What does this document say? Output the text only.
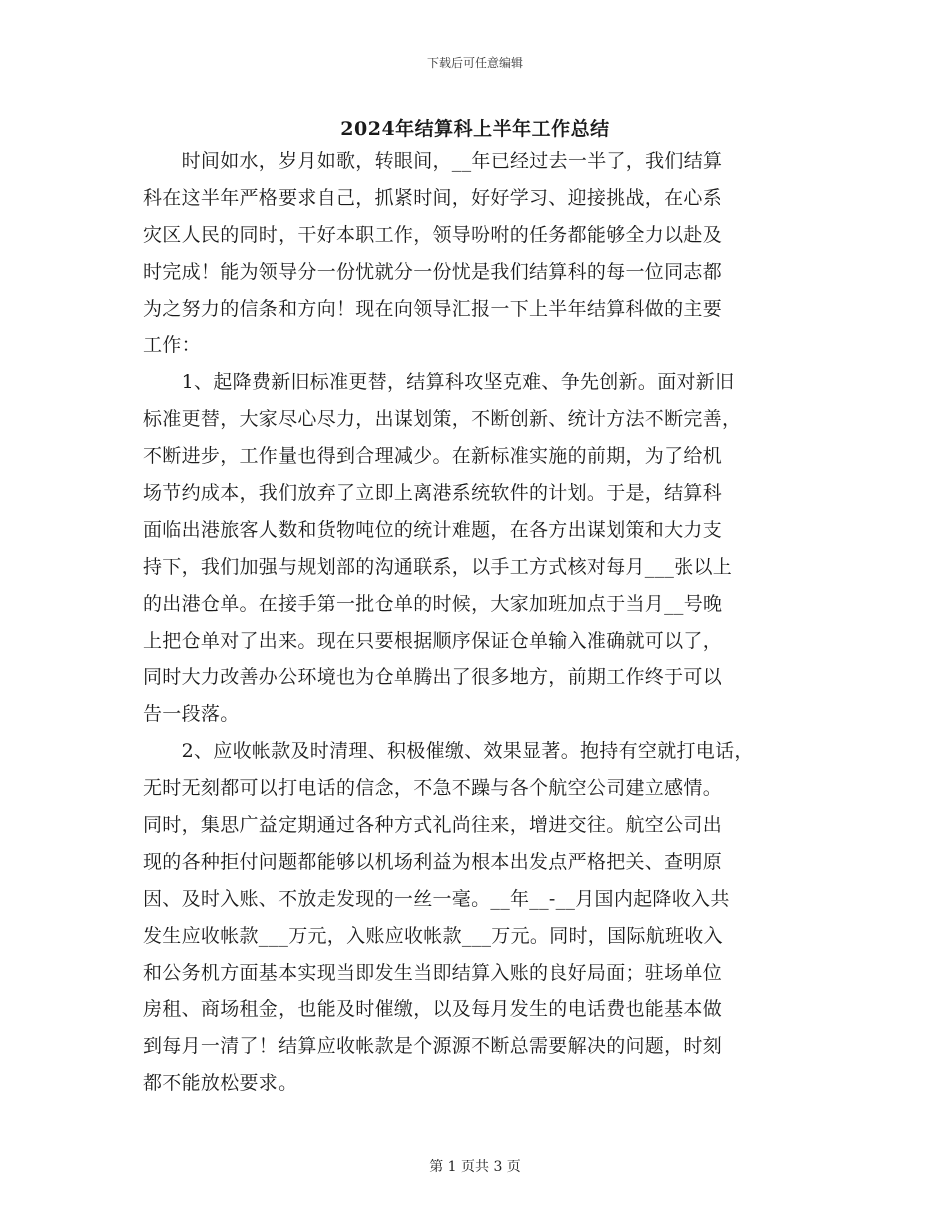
下载后可任意编辑
2024年结算科上半年工作总结
　　时间如水，岁月如歌，转眼间，__年已经过去一半了，我们结算
科在这半年严格要求自己，抓紧时间，好好学习、迎接挑战，在心系
灾区人民的同时，干好本职工作，领导吩咐的任务都能够全力以赴及
时完成！能为领导分一份忧就分一份忧是我们结算科的每一位同志都
为之努力的信条和方向！现在向领导汇报一下上半年结算科做的主要
工作：
　　1、起降费新旧标准更替，结算科攻坚克难、争先创新。面对新旧
标准更替，大家尽心尽力，出谋划策，不断创新、统计方法不断完善，
不断进步，工作量也得到合理减少。在新标准实施的前期，为了给机
场节约成本，我们放弃了立即上离港系统软件的计划。于是，结算科
面临出港旅客人数和货物吨位的统计难题，在各方出谋划策和大力支
持下，我们加强与规划部的沟通联系，以手工方式核对每月___张以上
的出港仓单。在接手第一批仓单的时候，大家加班加点于当月__号晚
上把仓单对了出来。现在只要根据顺序保证仓单输入准确就可以了，
同时大力改善办公环境也为仓单腾出了很多地方，前期工作终于可以
告一段落。
　　2、应收帐款及时清理、积极催缴、效果显著。抱持有空就打电话，
无时无刻都可以打电话的信念，不急不躁与各个航空公司建立感情。
同时，集思广益定期通过各种方式礼尚往来，增进交往。航空公司出
现的各种拒付问题都能够以机场利益为根本出发点严格把关、查明原
因、及时入账、不放走发现的一丝一毫。__年__-__月国内起降收入共
发生应收帐款___万元，入账应收帐款___万元。同时，国际航班收入
和公务机方面基本实现当即发生当即结算入账的良好局面；驻场单位
房租、商场租金，也能及时催缴，以及每月发生的电话费也能基本做
到每月一清了！结算应收帐款是个源源不断总需要解决的问题，时刻
都不能放松要求。
第 1 页共 3 页
